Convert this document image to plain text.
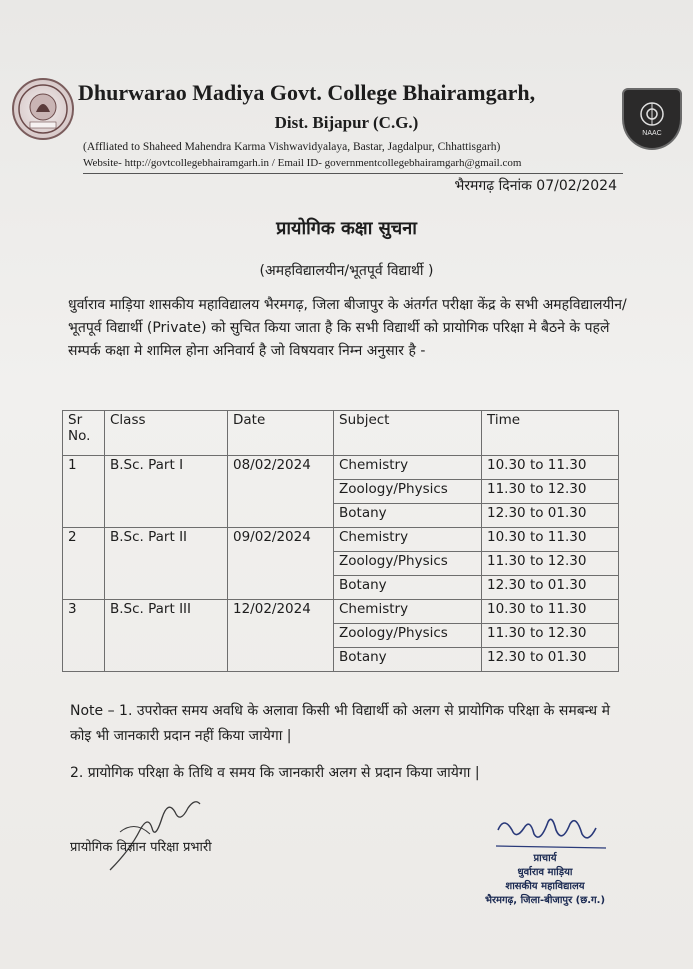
NAAC
Dhurwarao Madiya Govt. College Bhairamgarh,
Dist. Bijapur (C.G.)
(Affliated to Shaheed Mahendra Karma Vishwavidyalaya, Bastar, Jagdalpur, Chhattisgarh)
Website- http://govtcollegebhairamgarh.in / Email ID- governmentcollegebhairamgarh@gmail.com
भैरमगढ़ दिनांक 07/02/2024
प्रायोगिक कक्षा सुचना
(अमहविद्यालयीन/भूतपूर्व विद्यार्थी )
धुर्वाराव माड़िया शासकीय महाविद्यालय भैरमगढ़, जिला बीजापुर के अंतर्गत परीक्षा केंद्र के सभी अमहविद्यालयीन/भूतपूर्व विद्यार्थी (Private) को सुचित किया जाता है कि सभी विद्यार्थी को प्रायोगिक परिक्षा मे बैठने के पहले सम्पर्क कक्षा मे शामिल होना अनिवार्य है जो विषयवार निम्न अनुसार है -
Sr No.	Class	Date	Subject	Time
1	B.Sc. Part I	08/02/2024	Chemistry	10.30 to 11.30
			Zoology/Physics	11.30 to 12.30
			Botany	12.30 to 01.30
2	B.Sc. Part II	09/02/2024	Chemistry	10.30 to 11.30
			Zoology/Physics	11.30 to 12.30
			Botany	12.30 to 01.30
3	B.Sc. Part III	12/02/2024	Chemistry	10.30 to 11.30
			Zoology/Physics	11.30 to 12.30
			Botany	12.30 to 01.30
Note – 1. उपरोक्त समय अवधि के अलावा किसी भी विद्यार्थी को अलग से प्रायोगिक परिक्षा के समबन्ध मे कोइ भी जानकारी प्रदान नहीं किया जायेगा |
2. प्रायोगिक परिक्षा के तिथि व समय कि जानकारी अलग से प्रदान किया जायेगा |
प्रायोगिक विज्ञान परिक्षा प्रभारी
प्राचार्य
धुर्वाराव माड़िया
शासकीय महाविद्यालय
भैरमगढ़, जिला-बीजापुर (छ.ग.)
